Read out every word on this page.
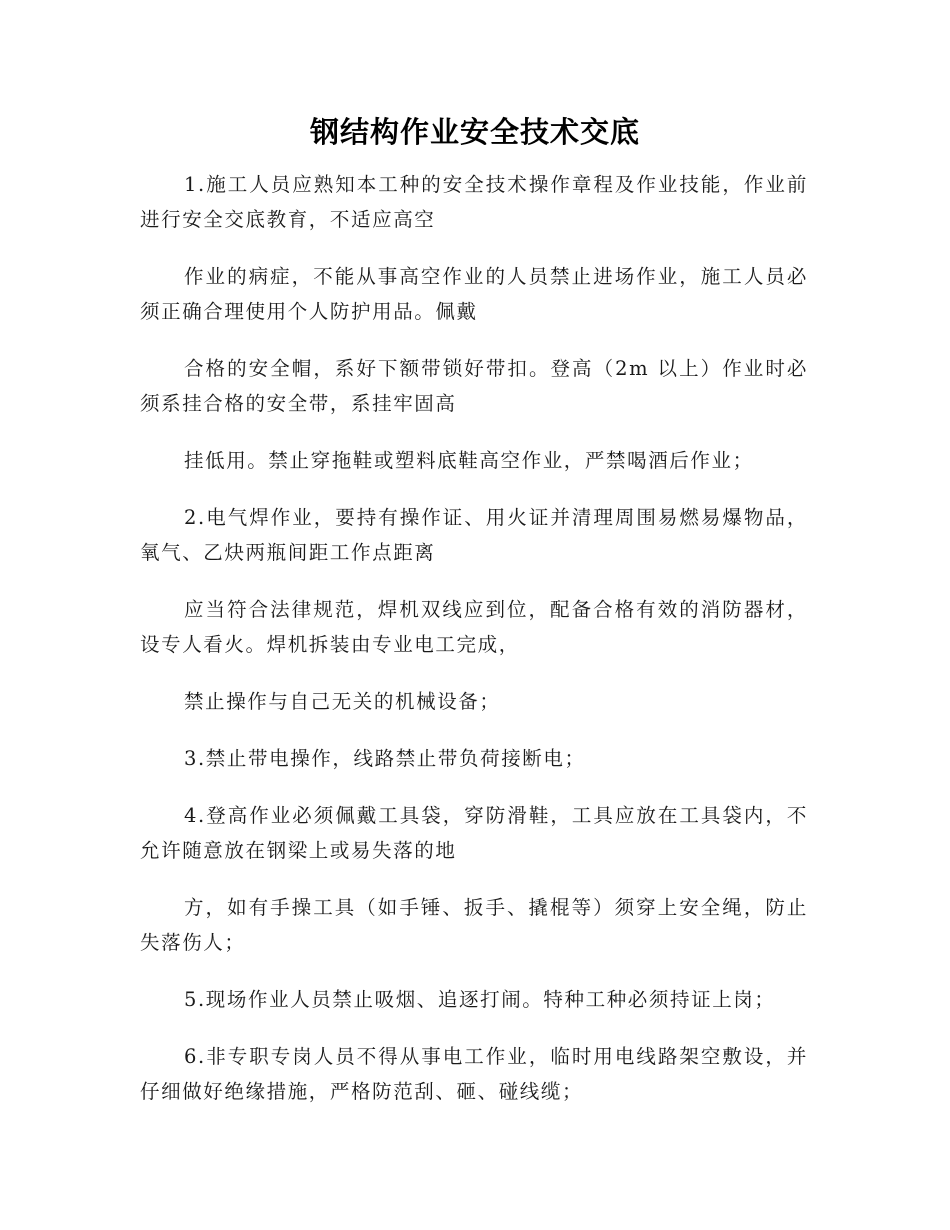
钢结构作业安全技术交底

1.施工人员应熟知本工种的安全技术操作章程及作业技能，作业前进行安全交底教育，不适应高空

作业的病症，不能从事高空作业的人员禁止进场作业，施工人员必须正确合理使用个人防护用品。佩戴

合格的安全帽，系好下额带锁好带扣。登高（2m 以上）作业时必须系挂合格的安全带，系挂牢固高

挂低用。禁止穿拖鞋或塑料底鞋高空作业，严禁喝酒后作业；

2.电气焊作业，要持有操作证、用火证并清理周围易燃易爆物品，氧气、乙炔两瓶间距工作点距离

应当符合法律规范，焊机双线应到位，配备合格有效的消防器材，设专人看火。焊机拆装由专业电工完成，

禁止操作与自己无关的机械设备；

3.禁止带电操作，线路禁止带负荷接断电；

4.登高作业必须佩戴工具袋，穿防滑鞋，工具应放在工具袋内，不允许随意放在钢梁上或易失落的地

方，如有手操工具（如手锤、扳手、撬棍等）须穿上安全绳，防止失落伤人；

5.现场作业人员禁止吸烟、追逐打闹。特种工种必须持证上岗；

6.非专职专岗人员不得从事电工作业，临时用电线路架空敷设，并仔细做好绝缘措施，严格防范刮、砸、碰线缆；
